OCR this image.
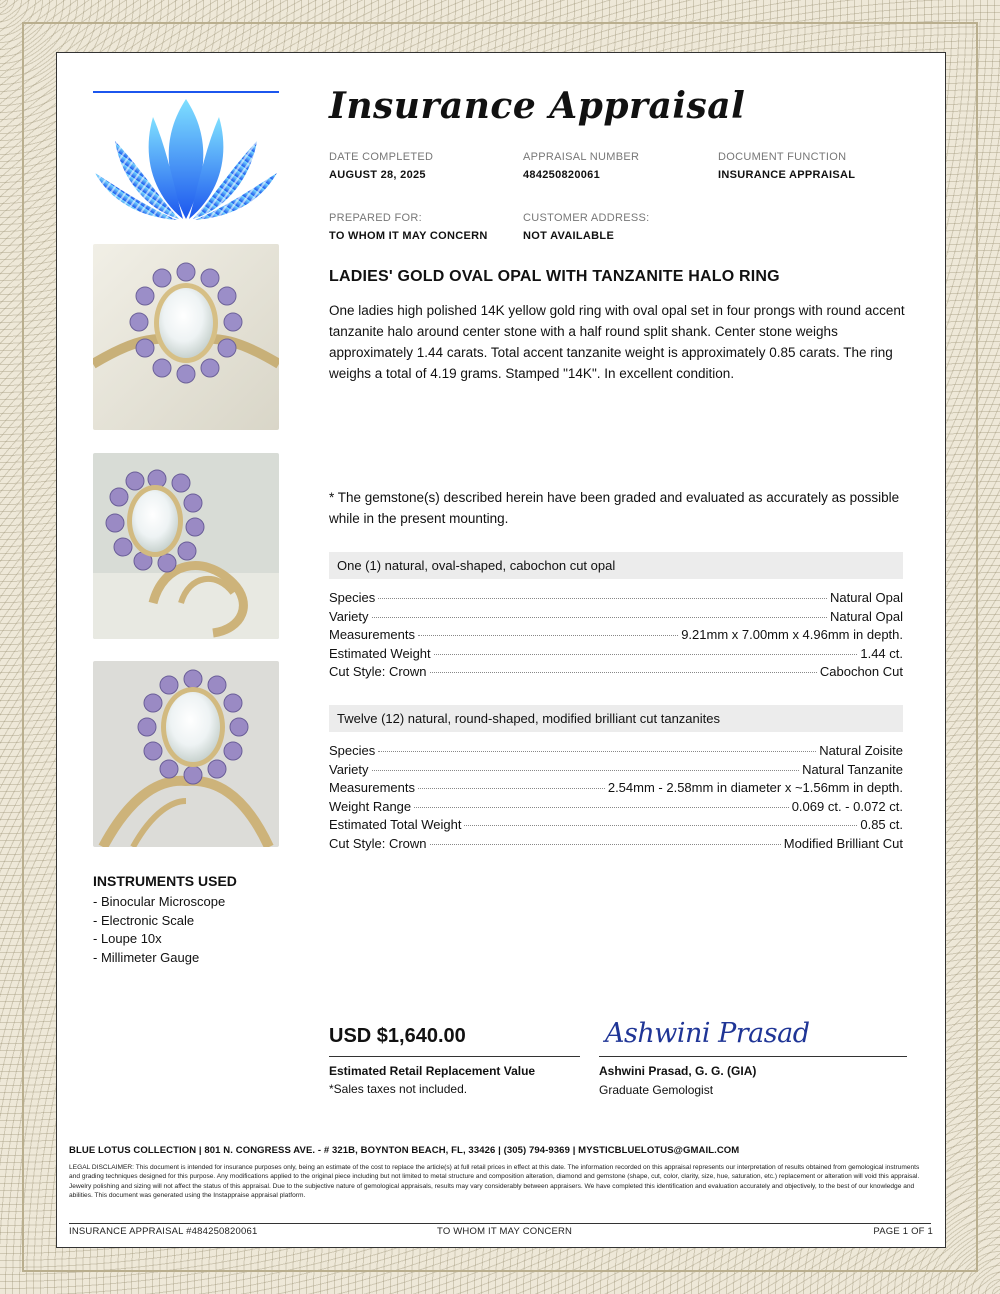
INSTRUMENTS USED
- Binocular Microscope
- Electronic Scale
- Loupe 10x
- Millimeter Gauge
Insurance Appraisal
DATE COMPLETED
AUGUST 28, 2025
APPRAISAL NUMBER
484250820061
DOCUMENT FUNCTION
INSURANCE APPRAISAL
PREPARED FOR:
TO WHOM IT MAY CONCERN
CUSTOMER ADDRESS:
NOT AVAILABLE
LADIES' GOLD OVAL OPAL WITH TANZANITE HALO RING

One ladies high polished 14K yellow gold ring with oval opal set in four prongs with round accent tanzanite halo around center stone with a half round split shank. Center stone weighs approximately 1.44 carats. Total accent tanzanite weight is approximately 0.85 carats. The ring weighs a total of 4.19 grams. Stamped "14K". In excellent condition.

* The gemstone(s) described herein have been graded and evaluated as accurately as possible while in the present mounting.

One (1) natural, oval-shaped, cabochon cut opal
Species	Natural Opal
Variety	Natural Opal
Measurements	9.21mm x 7.00mm x 4.96mm in depth.
Estimated Weight	1.44 ct.
Cut Style: Crown	Cabochon Cut
Twelve (12) natural, round-shaped, modified brilliant cut tanzanites
Species	Natural Zoisite
Variety	Natural Tanzanite
Measurements	2.54mm - 2.58mm in diameter x ~1.56mm in depth.
Weight Range	0.069 ct. - 0.072 ct.
Estimated Total Weight	0.85 ct.
Cut Style: Crown	Modified Brilliant Cut
USD $1,640.00
Estimated Retail Replacement Value
*Sales taxes not included.
Ashwini Prasad
Ashwini Prasad, G. G. (GIA)
Graduate Gemologist
BLUE LOTUS COLLECTION | 801 N. CONGRESS AVE. - # 321B, BOYNTON BEACH, FL, 33426 | (305) 794-9369 | MYSTICBLUELOTUS@GMAIL.COM

LEGAL DISCLAIMER: This document is intended for insurance purposes only, being an estimate of the cost to replace the article(s) at full retail prices in effect at this date. The information recorded on this appraisal represents our interpretation of results obtained from gemological instruments and grading techniques designed for this purpose. Any modifications applied to the original piece including but not limited to metal structure and composition alteration, diamond and gemstone (shape, cut, color, clarity, size, hue, saturation, etc.) replacement or alteration will void this appraisal. Jewelry polishing and sizing will not affect the status of this appraisal. Due to the subjective nature of gemological appraisals, results may vary considerably between appraisers. We have completed this identification and evaluation accurately and objectively, to the best of our knowledge and abilities. This document was generated using the Instappraise appraisal platform.

INSURANCE APPRAISAL #484250820061	TO WHOM IT MAY CONCERN	PAGE 1 OF 1
